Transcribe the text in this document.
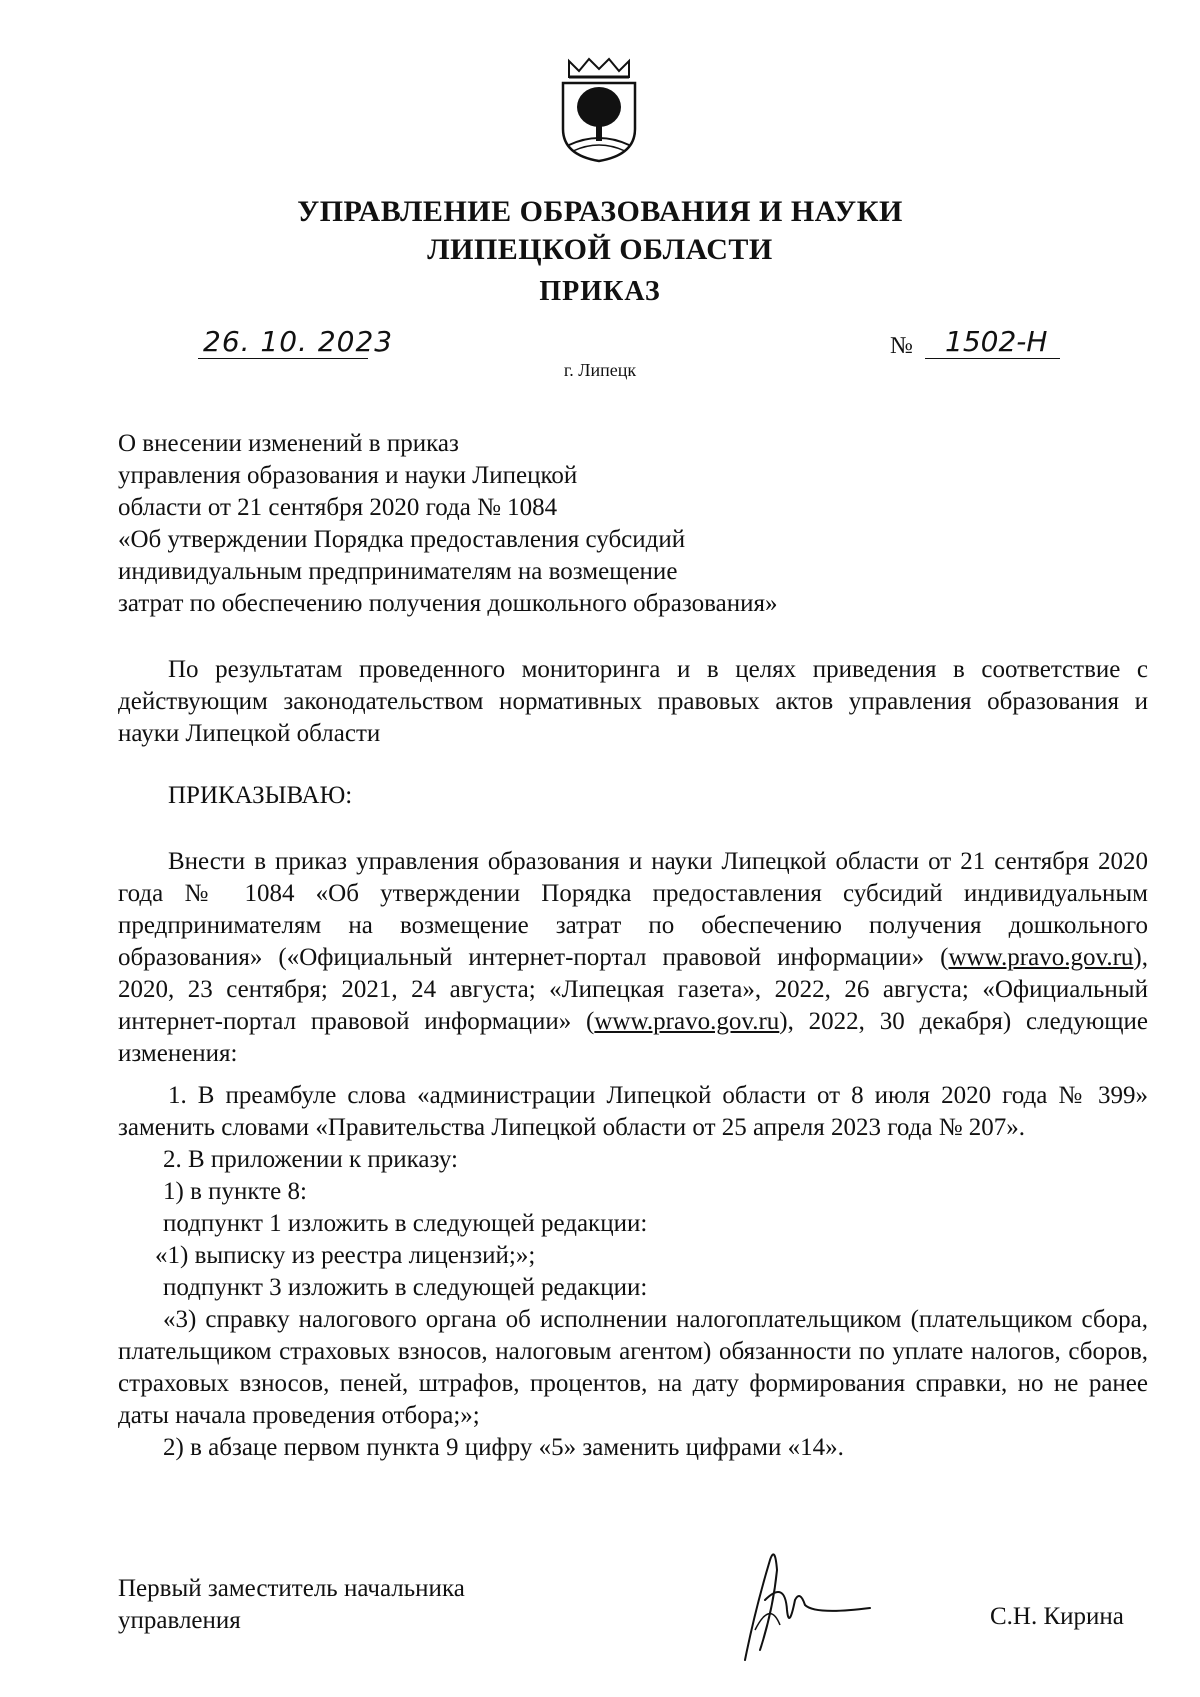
УПРАВЛЕНИЕ ОБРАЗОВАНИЯ И НАУКИ
ЛИПЕЦКОЙ ОБЛАСТИ
ПРИКАЗ
26. 10. 2023	№ 1502-Н
г. Липецк
О внесении изменений в приказ
управления образования и науки Липецкой
области от 21 сентября 2020 года № 1084
«Об утверждении Порядка предоставления субсидий
индивидуальным предпринимателям на возмещение
затрат по обеспечению получения дошкольного образования»
По результатам проведенного мониторинга и в целях приведения в соответствие с действующим законодательством нормативных правовых актов управления образования и науки Липецкой области
ПРИКАЗЫВАЮ:
Внести в приказ управления образования и науки Липецкой области от 21 сентября 2020 года № 1084 «Об утверждении Порядка предоставления субсидий индивидуальным предпринимателям на возмещение затрат по обеспечению получения дошкольного образования» («Официальный интернет-портал правовой информации» (www.pravo.gov.ru), 2020, 23 сентября; 2021, 24 августа; «Липецкая газета», 2022, 26 августа; «Официальный интернет-портал правовой информации» (www.pravo.gov.ru), 2022, 30 декабря) следующие изменения:

1. В преамбуле слова «администрации Липецкой области от 8 июля 2020 года № 399» заменить словами «Правительства Липецкой области от 25 апреля 2023 года № 207».

2. В приложении к приказу:

1) в пункте 8:

подпункт 1 изложить в следующей редакции:

«1) выписку из реестра лицензий;»;

подпункт 3 изложить в следующей редакции:

«3) справку налогового органа об исполнении налогоплательщиком (плательщиком сбора, плательщиком страховых взносов, налоговым агентом) обязанности по уплате налогов, сборов, страховых взносов, пеней, штрафов, процентов, на дату формирования справки, но не ранее даты начала проведения отбора;»;

2) в абзаце первом пункта 9 цифру «5» заменить цифрами «14».

Первый заместитель начальника
управления	С.Н. Кирина
